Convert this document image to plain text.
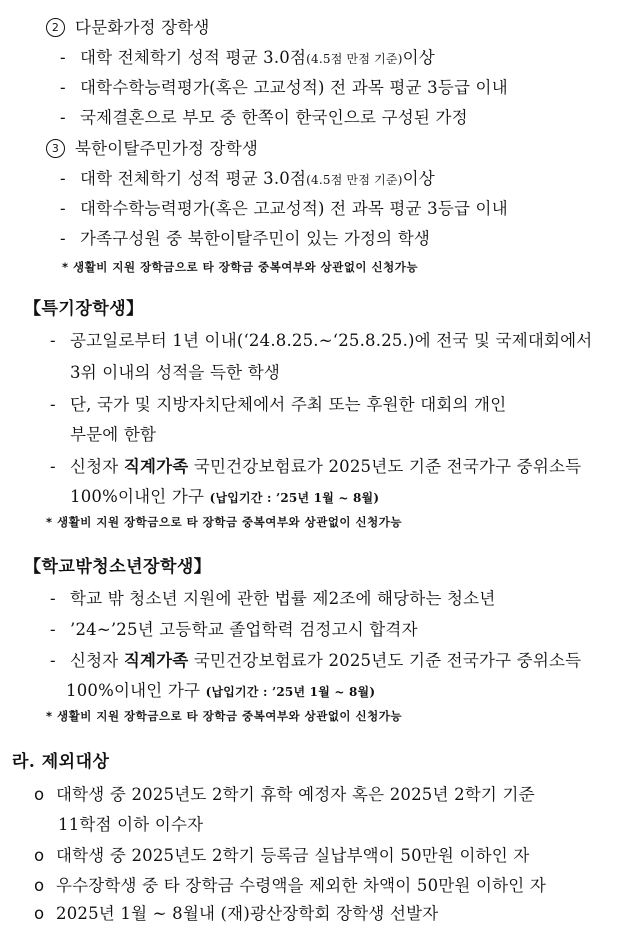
2 다문화가정 장학생
- 대학 전체학기 성적 평균 3.0점(4.5점 만점 기준)이상
- 대학수학능력평가(혹은 고교성적) 전 과목 평균 3등급 이내
- 국제결혼으로 부모 중 한쪽이 한국인으로 구성된 가정
3 북한이탈주민가정 장학생
- 대학 전체학기 성적 평균 3.0점(4.5점 만점 기준)이상
- 대학수학능력평가(혹은 고교성적) 전 과목 평균 3등급 이내
- 가족구성원 중 북한이탈주민이 있는 가정의 학생
* 생활비 지원 장학금으로 타 장학금 중복여부와 상관없이 신청가능
【특기장학생】
- 공고일로부터 1년 이내(‘24.8.25.~‘25.8.25.)에 전국 및 국제대회에서
3위 이내의 성적을 득한 학생
- 단, 국가 및 지방자치단체에서 주최 또는 후원한 대회의 개인
부문에 한함
- 신청자 직계가족 국민건강보험료가 2025년도 기준 전국가구 중위소득
100%이내인 가구 (납입기간 : ’25년 1월 ~ 8월)
* 생활비 지원 장학금으로 타 장학금 중복여부와 상관없이 신청가능
【학교밖청소년장학생】
- 학교 밖 청소년 지원에 관한 법률 제2조에 해당하는 청소년
- ’24~’25년 고등학교 졸업학력 검정고시 합격자
- 신청자 직계가족 국민건강보험료가 2025년도 기준 전국가구 중위소득
100%이내인 가구 (납입기간 : ’25년 1월 ~ 8월)
* 생활비 지원 장학금으로 타 장학금 중복여부와 상관없이 신청가능
라. 제외대상
o 대학생 중 2025년도 2학기 휴학 예정자 혹은 2025년 2학기 기준
11학점 이하 이수자
o 대학생 중 2025년도 2학기 등록금 실납부액이 50만원 이하인 자
o 우수장학생 중 타 장학금 수령액을 제외한 차액이 50만원 이하인 자
o 2025년 1월 ~ 8월내 (재)광산장학회 장학생 선발자
